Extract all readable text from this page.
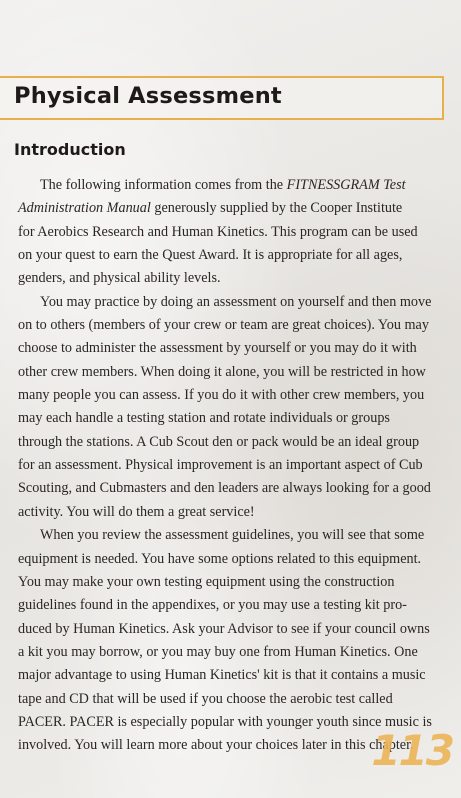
Physical Assessment
Introduction
The following information comes from the FITNESSGRAM Test
Administration Manual generously supplied by the Cooper Institute
for Aerobics Research and Human Kinetics. This program can be used
on your quest to earn the Quest Award. It is appropriate for all ages,
genders, and physical ability levels.
You may practice by doing an assessment on yourself and then move
on to others (members of your crew or team are great choices). You may
choose to administer the assessment by yourself or you may do it with
other crew members. When doing it alone, you will be restricted in how
many people you can assess. If you do it with other crew members, you
may each handle a testing station and rotate individuals or groups
through the stations. A Cub Scout den or pack would be an ideal group
for an assessment. Physical improvement is an important aspect of Cub
Scouting, and Cubmasters and den leaders are always looking for a good
activity. You will do them a great service!
When you review the assessment guidelines, you will see that some
equipment is needed. You have some options related to this equipment.
You may make your own testing equipment using the construction
guidelines found in the appendixes, or you may use a testing kit pro-
duced by Human Kinetics. Ask your Advisor to see if your council owns
a kit you may borrow, or you may buy one from Human Kinetics. One
major advantage to using Human Kinetics' kit is that it contains a music
tape and CD that will be used if you choose the aerobic test called
PACER. PACER is especially popular with younger youth since music is
involved. You will learn more about your choices later in this chapter.
113
